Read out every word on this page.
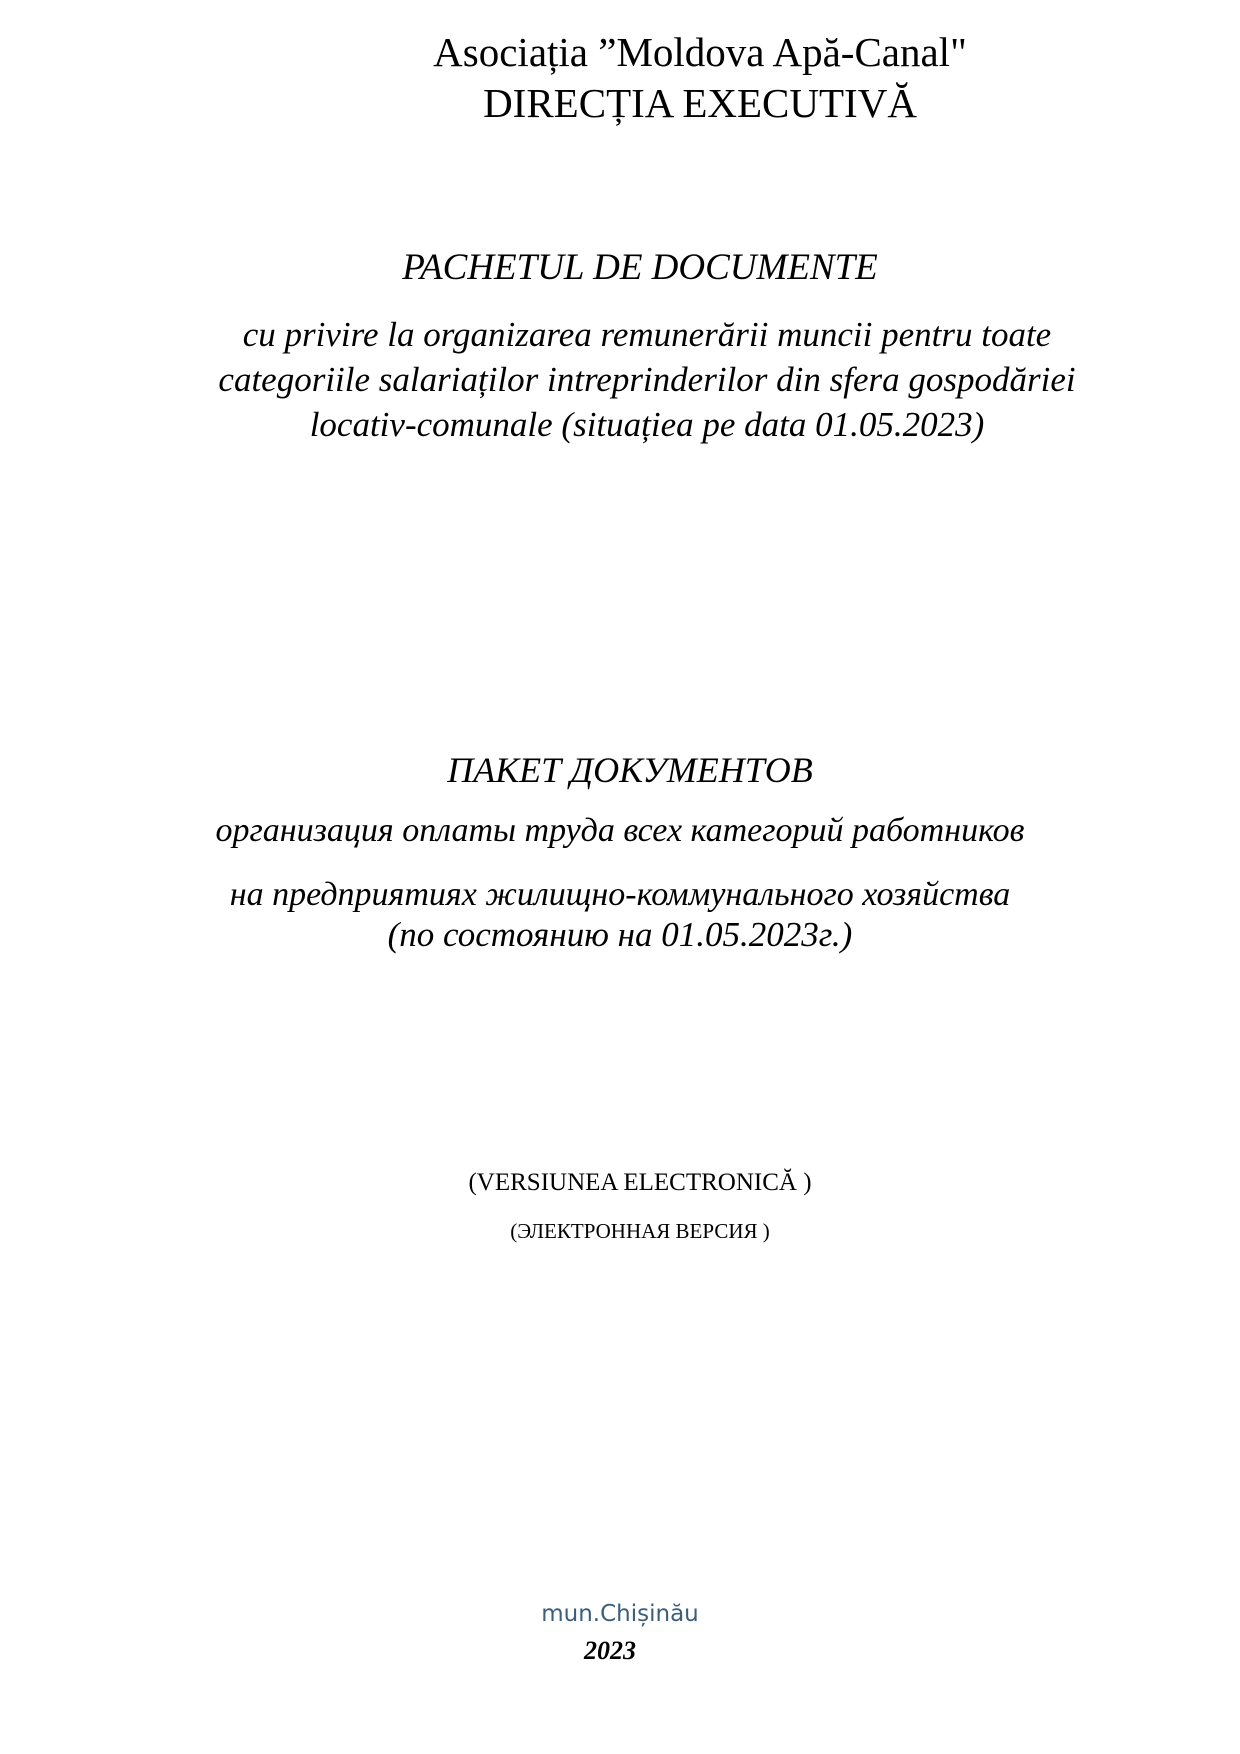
Asociația ”Moldova Apă-Canal"
DIRECȚIA EXECUTIVĂ
PACHETUL DE DOCUMENTE
cu privire la organizarea remunerării muncii pentru toate
categoriile salariaților intreprinderilor din sfera gospodăriei
locativ-comunale (situațiea pe data 01.05.2023)
ПАКЕТ ДОКУМЕНТОВ
организация оплаты труда всех категорий работников
на предприятиях жилищно-коммунального хозяйства
(по состоянию на 01.05.2023г.)
(VERSIUNEA ELECTRONICĂ )
(ЭЛЕКТРОННАЯ ВЕРСИЯ )
mun.Chișinău
2023
